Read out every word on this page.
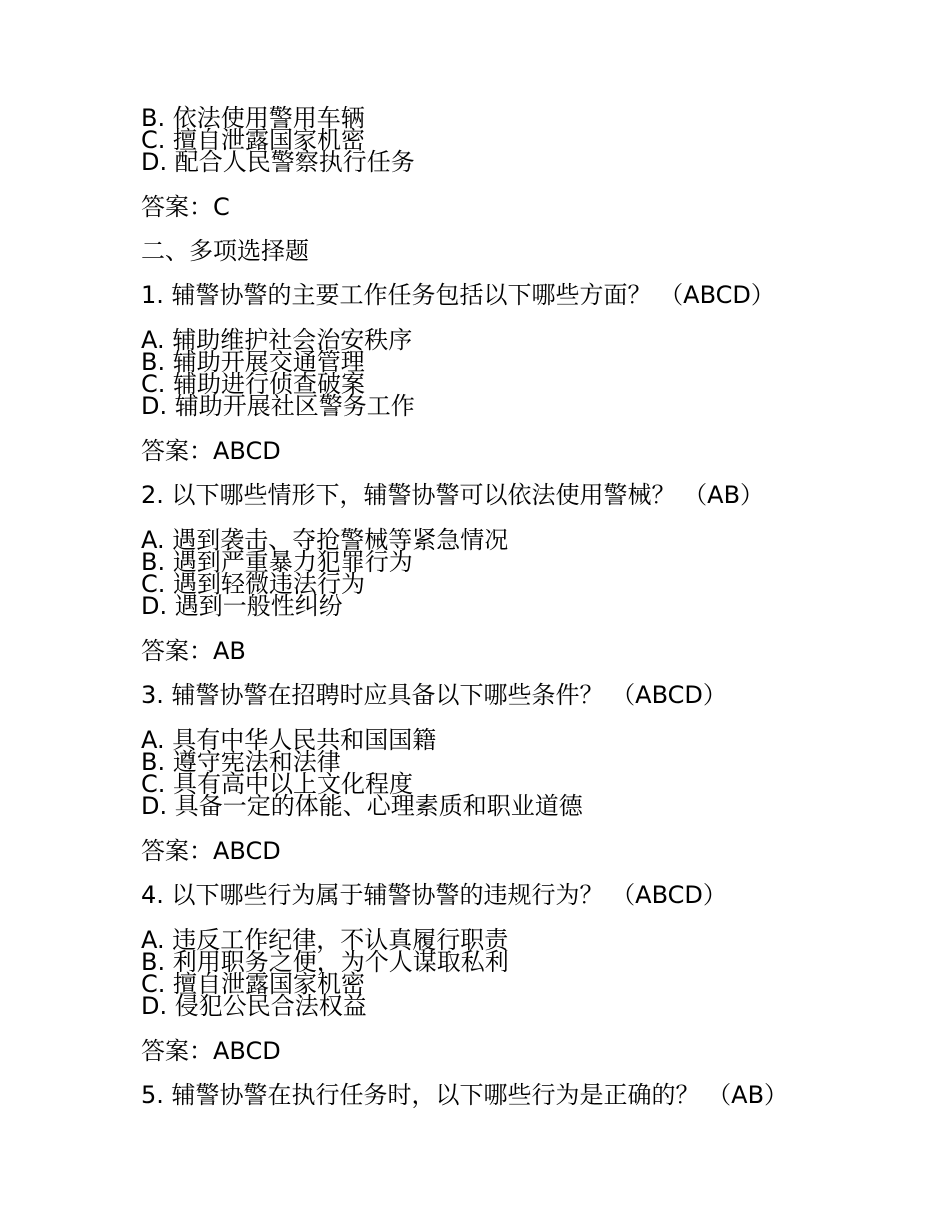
B. 依法使用警用车辆
C. 擅自泄露国家机密
D. 配合人民警察执行任务
答案：C
二、多项选择题
1. 辅警协警的主要工作任务包括以下哪些方面？ （ABCD）
A. 辅助维护社会治安秩序
B. 辅助开展交通管理
C. 辅助进行侦查破案
D. 辅助开展社区警务工作
答案：ABCD
2. 以下哪些情形下，辅警协警可以依法使用警械？ （AB）
A. 遇到袭击、夺抢警械等紧急情况
B. 遇到严重暴力犯罪行为
C. 遇到轻微违法行为
D. 遇到一般性纠纷
答案：AB
3. 辅警协警在招聘时应具备以下哪些条件？ （ABCD）
A. 具有中华人民共和国国籍
B. 遵守宪法和法律
C. 具有高中以上文化程度
D. 具备一定的体能、心理素质和职业道德
答案：ABCD
4. 以下哪些行为属于辅警协警的违规行为？ （ABCD）
A. 违反工作纪律，不认真履行职责
B. 利用职务之便，为个人谋取私利
C. 擅自泄露国家机密
D. 侵犯公民合法权益
答案：ABCD
5. 辅警协警在执行任务时，以下哪些行为是正确的？ （AB）
